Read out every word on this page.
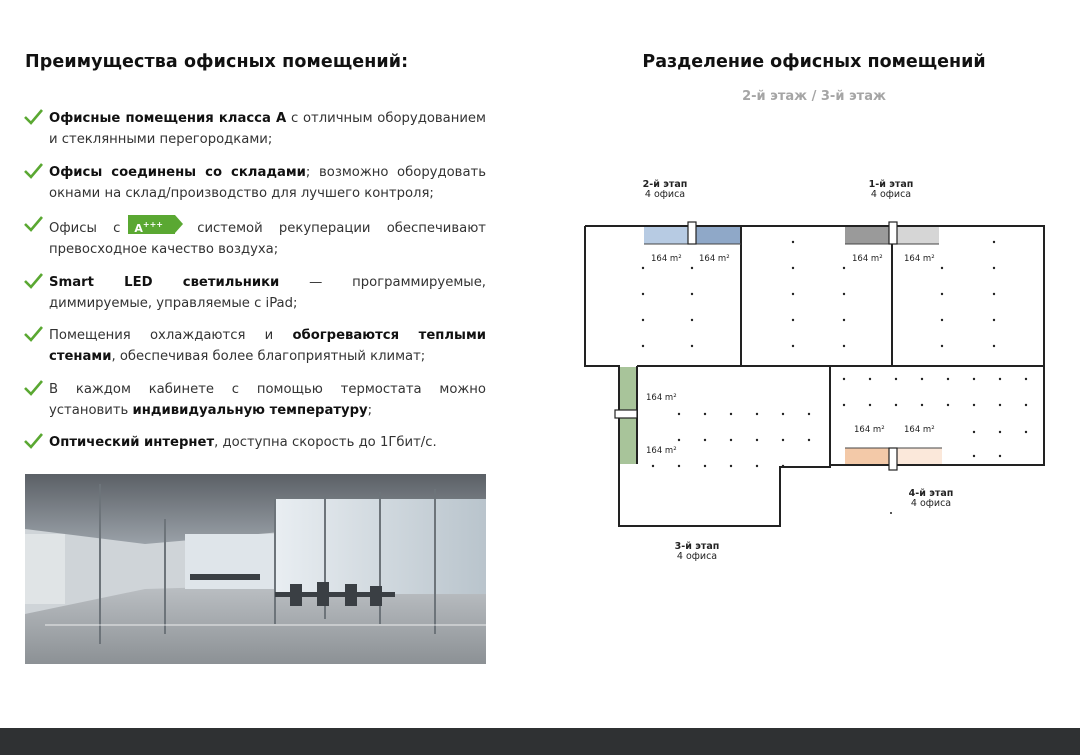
Преимущества офисных помещений:
Офисные помещения класса А с отличным оборудованием и стеклянными перегородками;
Офисы соединены со складами; возможно оборудовать окнами на склад/производство для лучшего контроля;
Офисы с A+++	системой рекуперации обеспечивают превосходное качество воздуха;
Smart LED светильники — программируемые, диммируемые, управляемые с iPad;
Помещения охлаждаются и обогреваются теплыми стенами, обеспечивая более благоприятный климат;
В каждом кабинете с помощью термостата можно установить индивидуальную температуру;
Оптический интернет, доступна скорость до 1Гбит/с.
Разделение офисных помещений
2-й этаж / 3-й этаж
2-й этап
4 офиса
1-й этап
4 офиса
3-й этап
4 офиса
4-й этап
4 офиса
164 m² 164 m²	164 m²	164 m²
164 m²
164 m²
164 m² 164 m²
